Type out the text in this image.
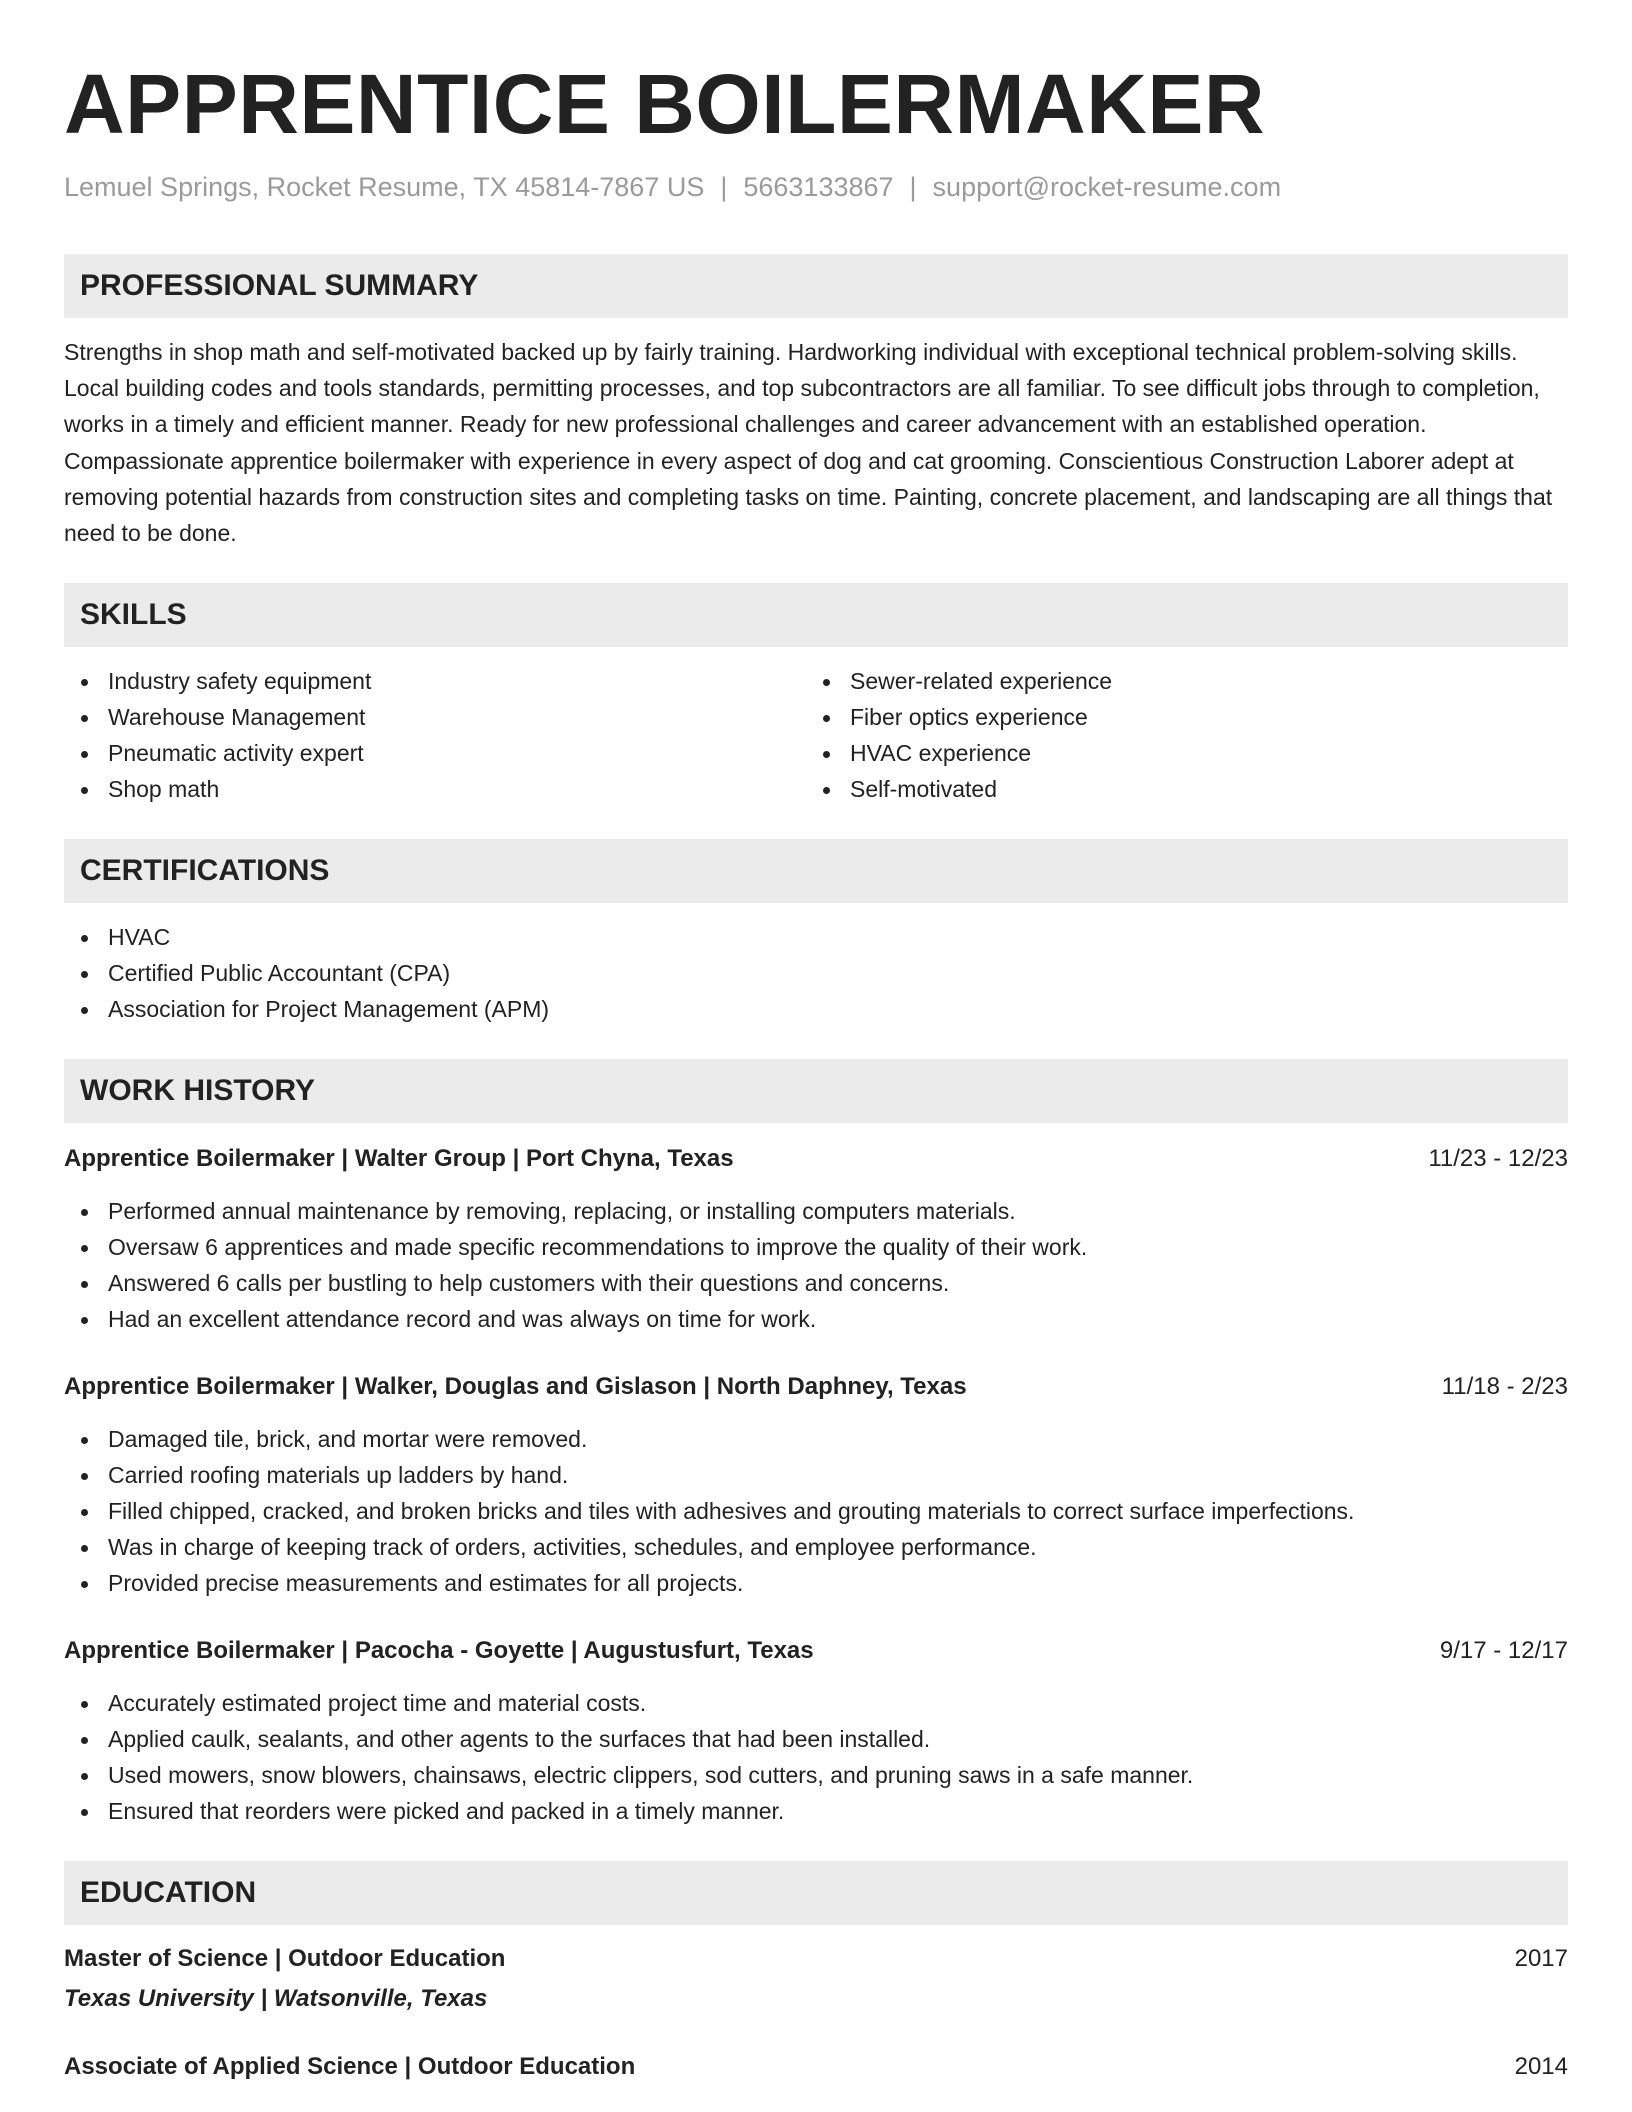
APPRENTICE BOILERMAKER
Lemuel Springs, Rocket Resume, TX 45814-7867 US | 5663133867 | support@rocket-resume.com
PROFESSIONAL SUMMARY

Strengths in shop math and self-motivated backed up by fairly training. Hardworking individual with exceptional technical problem-solving skills. Local building codes and tools standards, permitting processes, and top subcontractors are all familiar. To see difficult jobs through to completion, works in a timely and efficient manner. Ready for new professional challenges and career advancement with an established operation. Compassionate apprentice boilermaker with experience in every aspect of dog and cat grooming. Conscientious Construction Laborer adept at removing potential hazards from construction sites and completing tasks on time. Painting, concrete placement, and landscaping are all things that need to be done.

SKILLS
Industry safety equipment
Warehouse Management
Pneumatic activity expert
Shop math
Sewer-related experience
Fiber optics experience
HVAC experience
Self-motivated
CERTIFICATIONS
HVAC
Certified Public Accountant (CPA)
Association for Project Management (APM)
WORK HISTORY
Apprentice Boilermaker | Walter Group | Port Chyna, Texas	11/23 - 12/23
Performed annual maintenance by removing, replacing, or installing computers materials.
Oversaw 6 apprentices and made specific recommendations to improve the quality of their work.
Answered 6 calls per bustling to help customers with their questions and concerns.
Had an excellent attendance record and was always on time for work.
Apprentice Boilermaker | Walker, Douglas and Gislason | North Daphney, Texas	11/18 - 2/23
Damaged tile, brick, and mortar were removed.
Carried roofing materials up ladders by hand.
Filled chipped, cracked, and broken bricks and tiles with adhesives and grouting materials to correct surface imperfections.
Was in charge of keeping track of orders, activities, schedules, and employee performance.
Provided precise measurements and estimates for all projects.
Apprentice Boilermaker | Pacocha - Goyette | Augustusfurt, Texas	9/17 - 12/17
Accurately estimated project time and material costs.
Applied caulk, sealants, and other agents to the surfaces that had been installed.
Used mowers, snow blowers, chainsaws, electric clippers, sod cutters, and pruning saws in a safe manner.
Ensured that reorders were picked and packed in a timely manner.
EDUCATION
Master of Science | Outdoor Education	2017
Texas University | Watsonville, Texas
Associate of Applied Science | Outdoor Education	2014
